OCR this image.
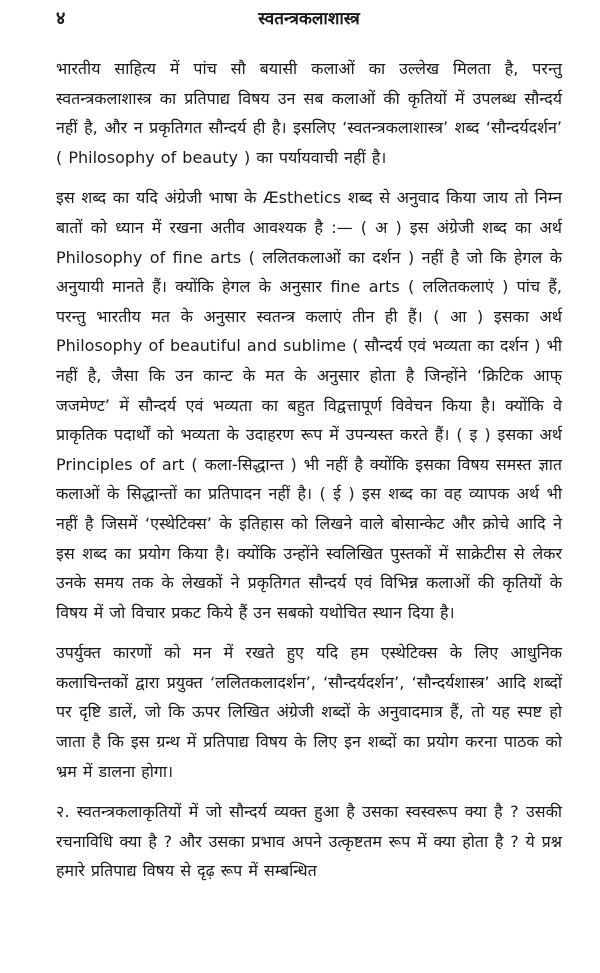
४	स्वतन्त्रकलाशास्त्र

भारतीय साहित्य में पांच सौ बयासी कलाओं का उल्लेख मिलता है, परन्तु स्वतन्त्रकलाशास्त्र का प्रतिपाद्य विषय उन सब कलाओं की कृतियों में उपलब्ध सौन्दर्य नहीं है, और न प्रकृतिगत सौन्दर्य ही है। इसलिए ‘स्वतन्त्रकलाशास्त्र’ शब्द ‘सौन्दर्यदर्शन’ ( Philosophy of beauty ) का पर्यायवाची नहीं है।

इस शब्द का यदि अंग्रेजी भाषा के Æsthetics शब्द से अनुवाद किया जाय तो निम्न बातों को ध्यान में रखना अतीव आवश्यक है :— ( अ ) इस अंग्रेजी शब्द का अर्थ Philosophy of fine arts ( ललितकलाओं का दर्शन ) नहीं है जो कि हेगल के अनुयायी मानते हैं। क्योंकि हेगल के अनुसार fine arts ( ललितकलाएं ) पांच हैं, परन्तु भारतीय मत के अनुसार स्वतन्त्र कलाएं तीन ही हैं। ( आ ) इसका अर्थ Philosophy of beautiful and sublime ( सौन्दर्य एवं भव्यता का दर्शन ) भी नहीं है, जैसा कि उन कान्ट के मत के अनुसार होता है जिन्होंने ‘क्रिटिक आफ् जजमेण्ट’ में सौन्दर्य एवं भव्यता का बहुत विद्वत्तापूर्ण विवेचन किया है। क्योंकि वे प्राकृतिक पदार्थों को भव्यता के उदाहरण रूप में उपन्यस्त करते हैं। ( इ ) इसका अर्थ Principles of art ( कला-सिद्धान्त ) भी नहीं है क्योंकि इसका विषय समस्त ज्ञात कलाओं के सिद्धान्तों का प्रतिपादन नहीं है। ( ई ) इस शब्द का वह व्यापक अर्थ भी नहीं है जिसमें ‘एस्थेटिक्स’ के इतिहास को लिखने वाले बोसान्केट और क्रोचे आदि ने इस शब्द का प्रयोग किया है। क्योंकि उन्होंने स्वलिखित पुस्तकों में साक्रेटीस से लेकर उनके समय तक के लेखकों ने प्रकृतिगत सौन्दर्य एवं विभिन्न कलाओं की कृतियों के विषय में जो विचार प्रकट किये हैं उन सबको यथोचित स्थान दिया है।

उपर्युक्त कारणों को मन में रखते हुए यदि हम एस्थेटिक्स के लिए आधुनिक कलाचिन्तकों द्वारा प्रयुक्त ‘ललितकलादर्शन’, ‘सौन्दर्यदर्शन’, ‘सौन्दर्यशास्त्र’ आदि शब्दों पर दृष्टि डालें, जो कि ऊपर लिखित अंग्रेजी शब्दों के अनुवादमात्र हैं, तो यह स्पष्ट हो जाता है कि इस ग्रन्थ में प्रतिपाद्य विषय के लिए इन शब्दों का प्रयोग करना पाठक को भ्रम में डालना होगा।

२. स्वतन्त्रकलाकृतियों में जो सौन्दर्य व्यक्त हुआ है उसका स्वस्वरूप क्या है ? उसकी रचनाविधि क्या है ? और उसका प्रभाव अपने उत्कृष्टतम रूप में क्या होता है ? ये प्रश्न हमारे प्रतिपाद्य विषय से दृढ़ रूप में सम्बन्धित
